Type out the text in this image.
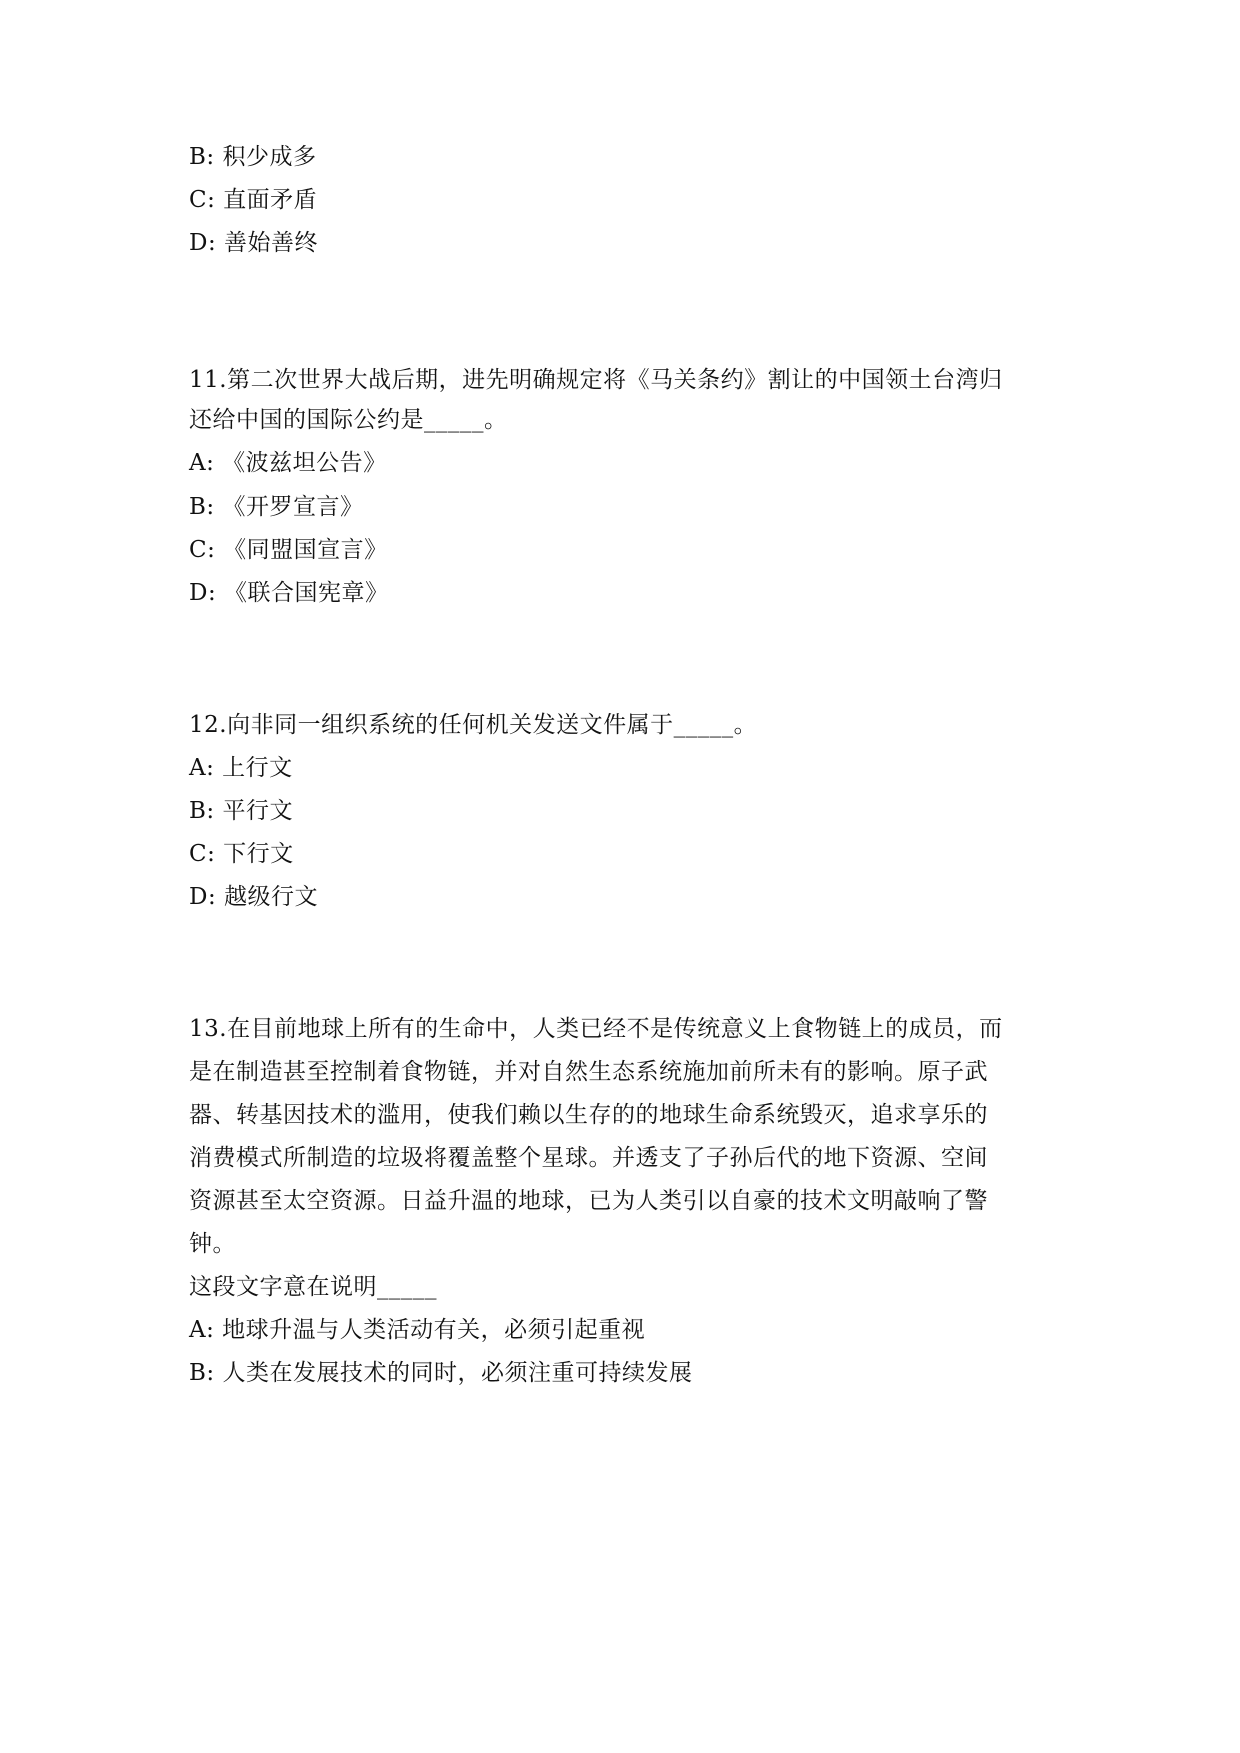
B: 积少成多
C: 直面矛盾
D: 善始善终
11.第二次世界大战后期，进先明确规定将《马关条约》割让的中国领土台湾归
还给中国的国际公约是_____。
A: 《波兹坦公告》
B: 《开罗宣言》
C: 《同盟国宣言》
D: 《联合国宪章》
12.向非同一组织系统的任何机关发送文件属于_____。
A: 上行文
B: 平行文
C: 下行文
D: 越级行文
13.在目前地球上所有的生命中，人类已经不是传统意义上食物链上的成员，而
是在制造甚至控制着食物链，并对自然生态系统施加前所未有的影响。原子武
器、转基因技术的滥用，使我们赖以生存的的地球生命系统毁灭，追求享乐的
消费模式所制造的垃圾将覆盖整个星球。并透支了子孙后代的地下资源、空间
资源甚至太空资源。日益升温的地球，已为人类引以自豪的技术文明敲响了警
钟。
这段文字意在说明_____
A: 地球升温与人类活动有关，必须引起重视
B: 人类在发展技术的同时，必须注重可持续发展
